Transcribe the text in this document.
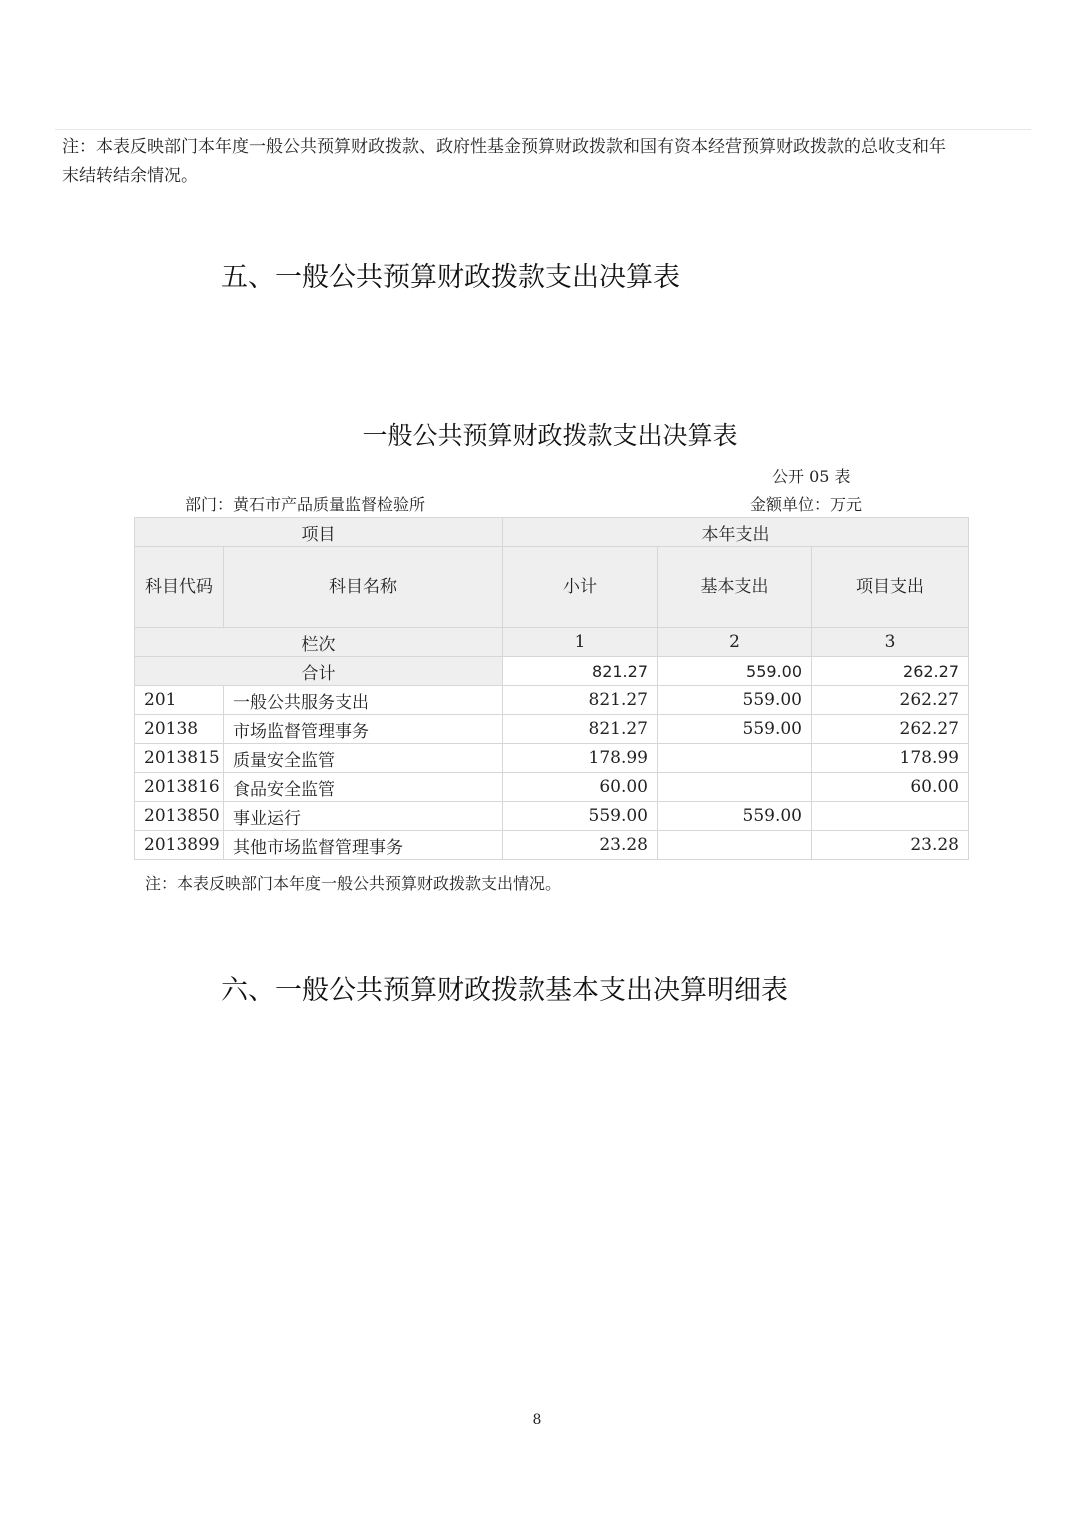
注：本表反映部门本年度一般公共预算财政拨款、政府性基金预算财政拨款和国有资本经营预算财政拨款的总收支和年末结转结余情况。
五、一般公共预算财政拨款支出决算表
一般公共预算财政拨款支出决算表
公开 05 表
部门：黄石市产品质量监督检验所	金额单位：万元
项目		本年支出		
科目代码	科目名称	小计	基本支出	项目支出
栏次		1	2	3
合计		821.27	559.00	262.27
201	一般公共服务支出	821.27	559.00	262.27
20138	市场监督管理事务	821.27	559.00	262.27
2013815	质量安全监管	178.99		178.99
2013816	食品安全监管	60.00		60.00
2013850	事业运行	559.00	559.00	
2013899	其他市场监督管理事务	23.28		23.28
注：本表反映部门本年度一般公共预算财政拨款支出情况。
六、一般公共预算财政拨款基本支出决算明细表
8
